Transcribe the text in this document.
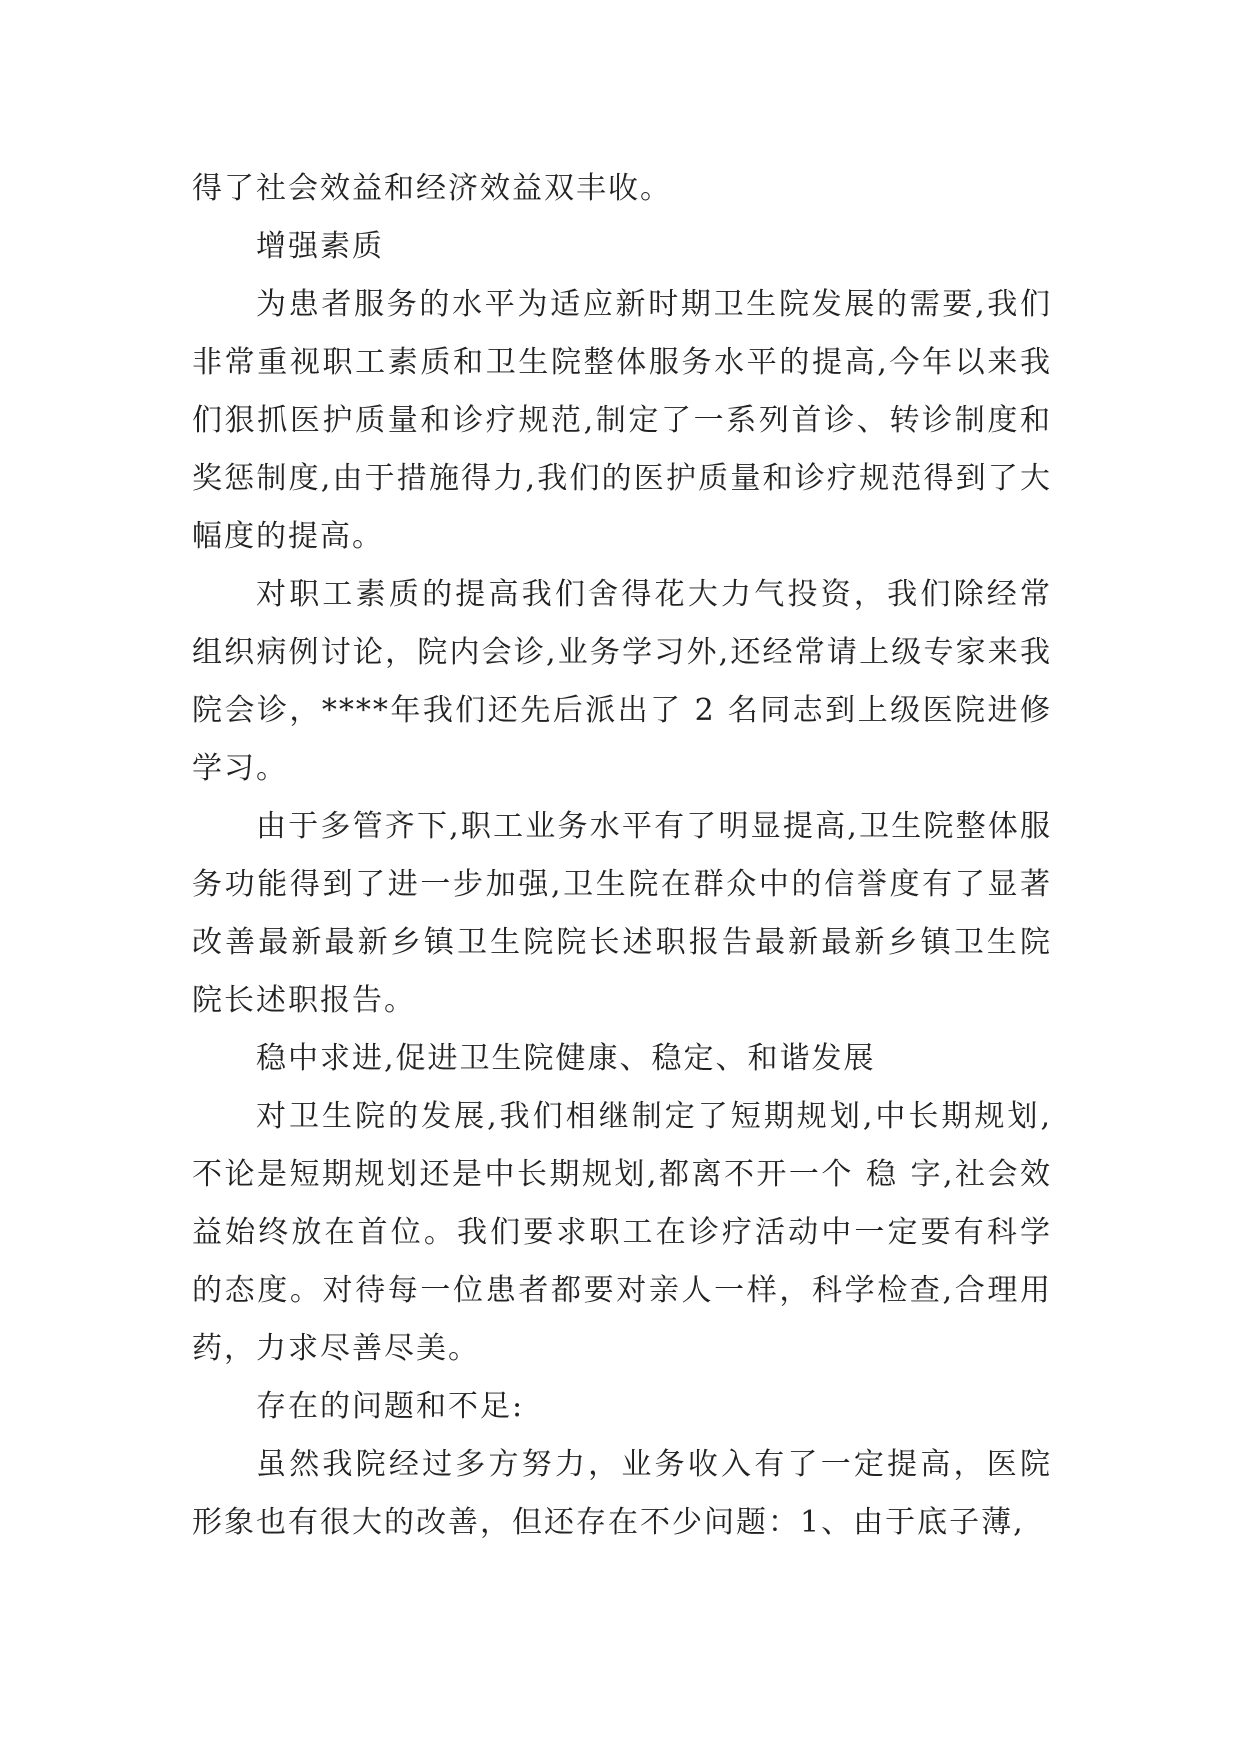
得了社会效益和经济效益双丰收。

增强素质

为患者服务的水平为适应新时期卫生院发展的需要,我们非常重视职工素质和卫生院整体服务水平的提高,今年以来我们狠抓医护质量和诊疗规范,制定了一系列首诊、转诊制度和奖惩制度,由于措施得力,我们的医护质量和诊疗规范得到了大幅度的提高。

对职工素质的提高我们舍得花大力气投资，我们除经常组织病例讨论，院内会诊,业务学习外,还经常请上级专家来我院会诊，****年我们还先后派出了 2 名同志到上级医院进修学习。

由于多管齐下,职工业务水平有了明显提高,卫生院整体服务功能得到了进一步加强,卫生院在群众中的信誉度有了显著改善最新最新乡镇卫生院院长述职报告最新最新乡镇卫生院院长述职报告。

稳中求进,促进卫生院健康、稳定、和谐发展

对卫生院的发展,我们相继制定了短期规划,中长期规划,不论是短期规划还是中长期规划,都离不开一个 稳 字,社会效益始终放在首位。我们要求职工在诊疗活动中一定要有科学的态度。对待每一位患者都要对亲人一样，科学检查,合理用药，力求尽善尽美。

存在的问题和不足:

虽然我院经过多方努力，业务收入有了一定提高，医院形象也有很大的改善，但还存在不少问题：1、由于底子薄,
